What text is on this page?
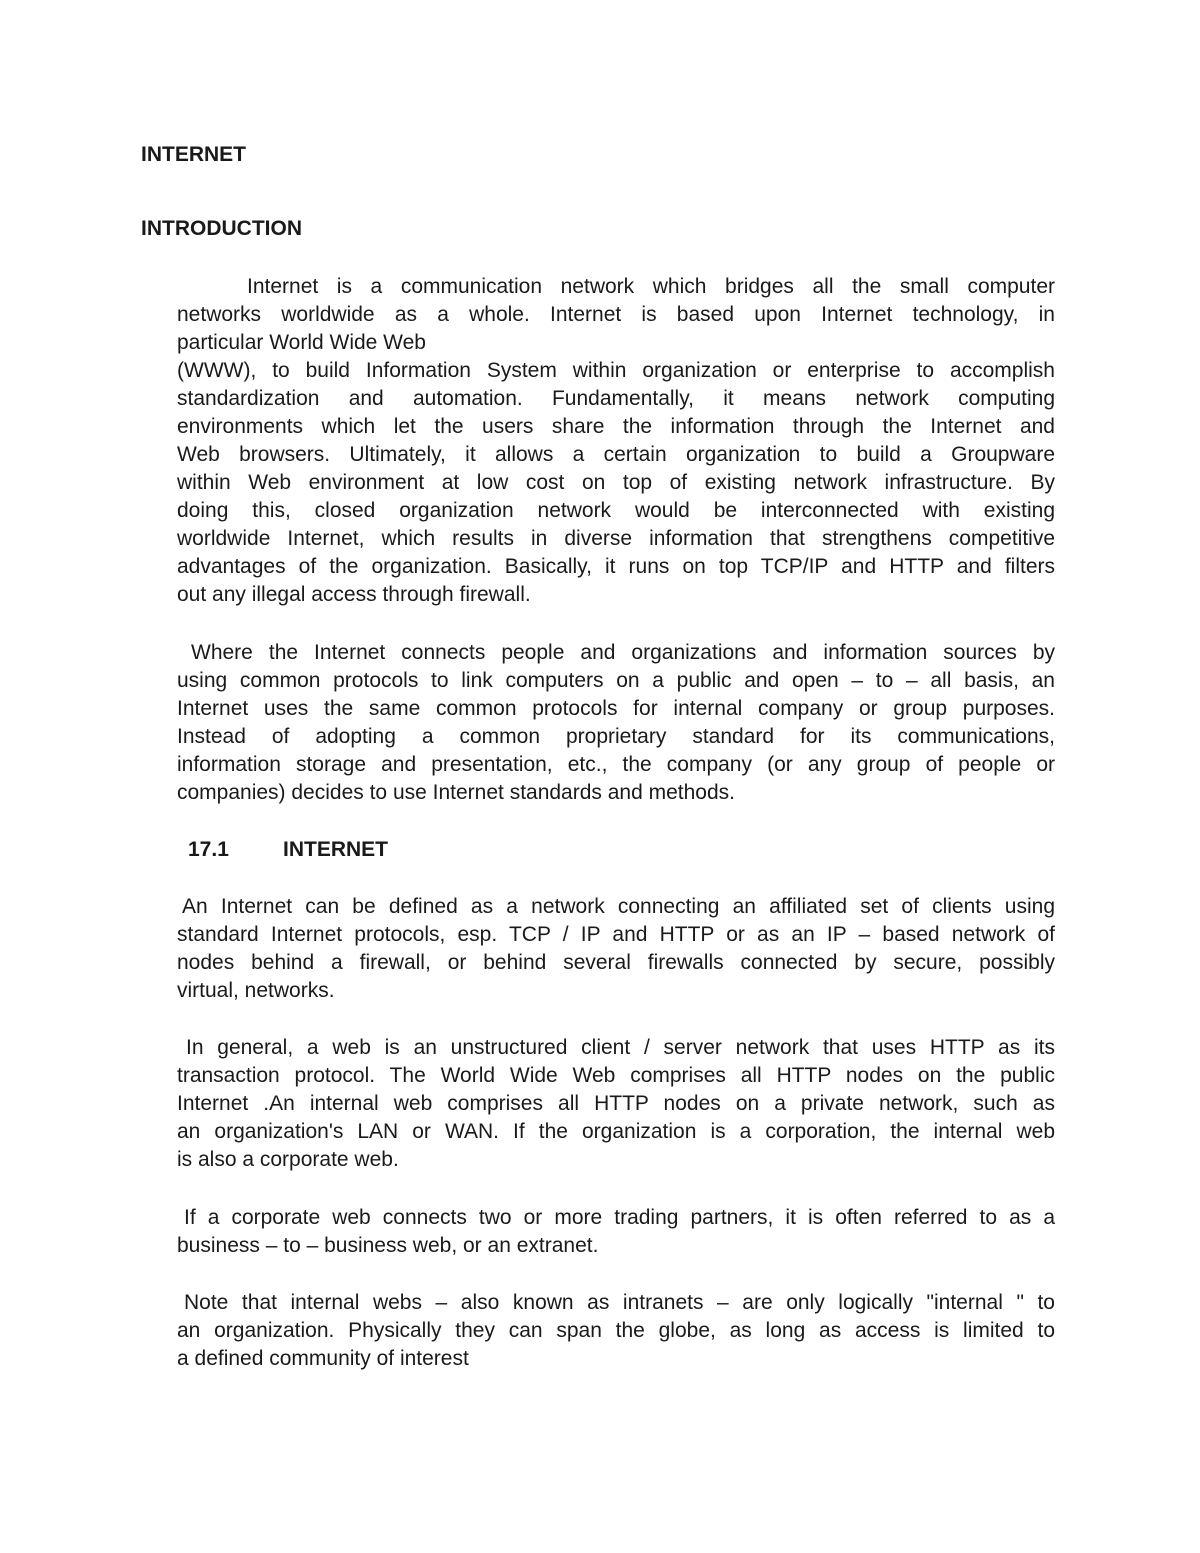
INTERNET
INTRODUCTION
Internet is a communication network which bridges all the small computer
networks worldwide as a whole. Internet is based upon Internet technology, in
particular World Wide Web
(WWW), to build Information System within organization or enterprise to accomplish
standardization and automation. Fundamentally, it means network computing
environments which let the users share the information through the Internet and
Web browsers. Ultimately, it allows a certain organization to build a Groupware
within Web environment at low cost on top of existing network infrastructure. By
doing this, closed organization network would be interconnected with existing
worldwide Internet, which results in diverse information that strengthens competitive
advantages of the organization. Basically, it runs on top TCP/IP and HTTP and filters
out any illegal access through firewall.
Where the Internet connects people and organizations and information sources by
using common protocols to link computers on a public and open – to – all basis, an
Internet uses the same common protocols for internal company or group purposes.
Instead of adopting a common proprietary standard for its communications,
information storage and presentation, etc., the company (or any group of people or
companies) decides to use Internet standards and methods.
17.1	INTERNET
An Internet can be defined as a network connecting an affiliated set of clients using
standard Internet protocols, esp. TCP / IP and HTTP or as an IP – based network of
nodes behind a firewall, or behind several firewalls connected by secure, possibly
virtual, networks.
In general, a web is an unstructured client / server network that uses HTTP as its
transaction protocol. The World Wide Web comprises all HTTP nodes on the public
Internet .An internal web comprises all HTTP nodes on a private network, such as
an organization's LAN or WAN. If the organization is a corporation, the internal web
is also a corporate web.
If a corporate web connects two or more trading partners, it is often referred to as a
business – to – business web, or an extranet.
Note that internal webs – also known as intranets – are only logically "internal " to
an organization. Physically they can span the globe, as long as access is limited to
a defined community of interest
